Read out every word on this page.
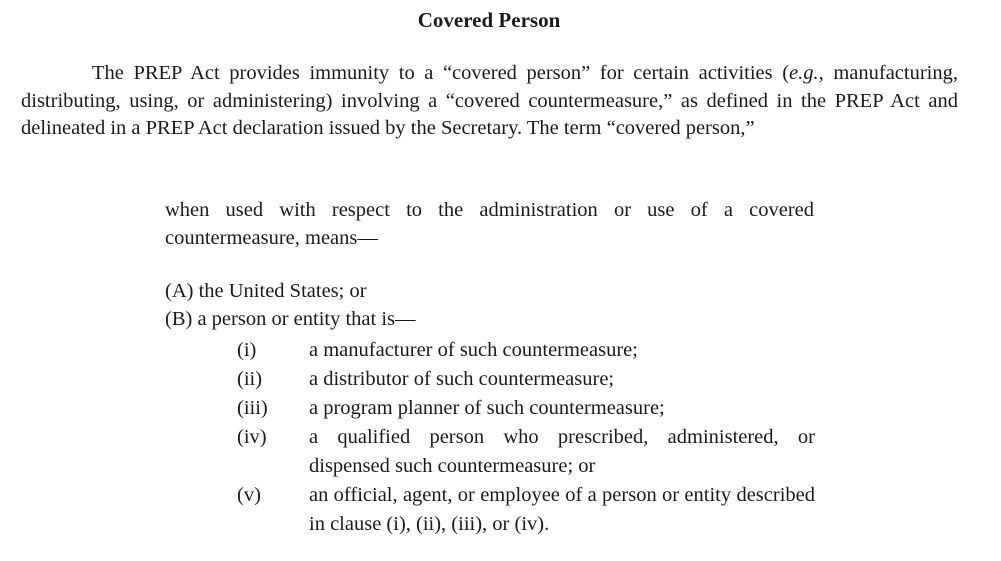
Covered Person

The PREP Act provides immunity to a “covered person” for certain activities (e.g., manufacturing, distributing, using, or administering) involving a “covered countermeasure,” as defined in the PREP Act and delineated in a PREP Act declaration issued by the Secretary. The term “covered person,”

when used with respect to the administration or use of a covered countermeasure, means—

(A) the United States; or
(B) a person or entity that is—
(i)	a manufacturer of such countermeasure;
(ii)	a distributor of such countermeasure;
(iii)	a program planner of such countermeasure;
(iv)	a qualified person who prescribed, administered, or dispensed such countermeasure; or
(v)	an official, agent, or employee of a person or entity described in clause (i), (ii), (iii), or (iv).
